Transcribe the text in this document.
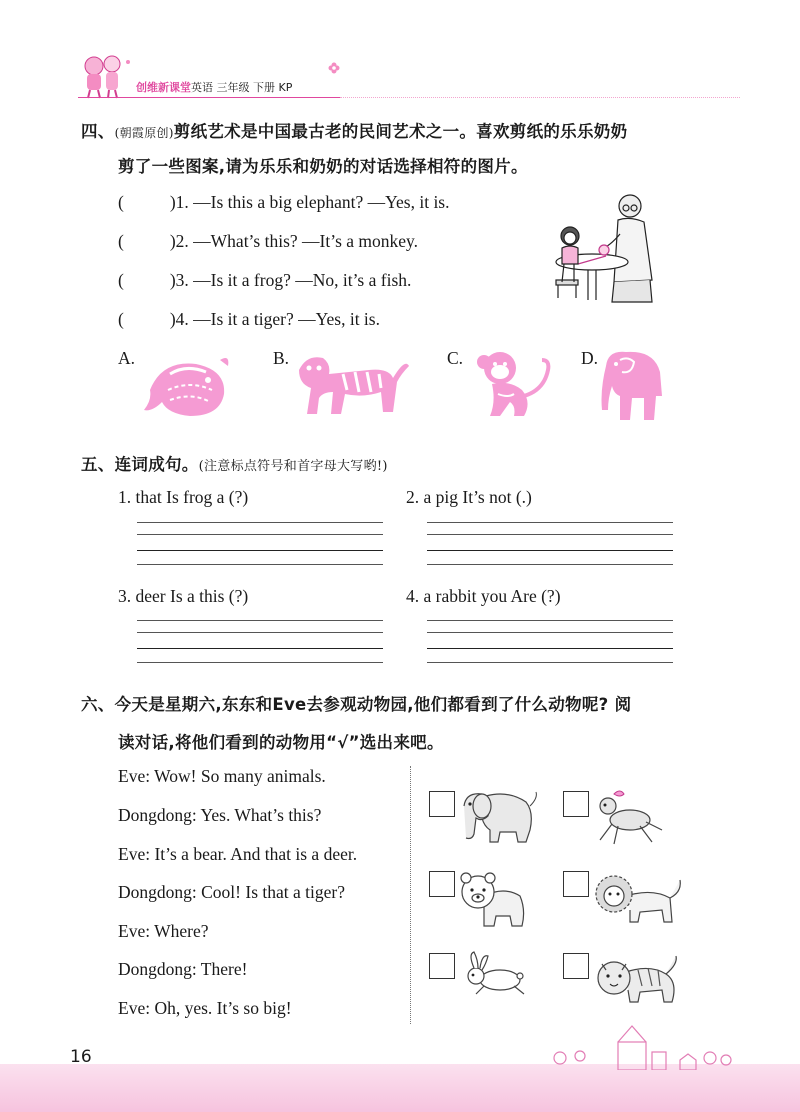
创维新课堂 英语 三年级 下册 KP
四、(朝霞原创)剪纸艺术是中国最古老的民间艺术之一。喜欢剪纸的乐乐奶奶
剪了一些图案,请为乐乐和奶奶的对话选择相符的图片。
(	)1. —Is this a big elephant? —Yes, it is.
(	)2. —What’s this? —It’s a monkey.
(	)3. —Is it a frog? —No, it’s a fish.
(	)4. —Is it a tiger? —Yes, it is.
A.	B.	C.	D.
五、连词成句。(注意标点符号和首字母大写哟!)
1. that Is frog a (?)	2. a pig It’s not (.)
3. deer Is a this (?)	4. a rabbit you Are (?)
六、今天是星期六,东东和Eve去参观动物园,他们都看到了什么动物呢? 阅
读对话,将他们看到的动物用“√”选出来吧。
Eve: Wow! So many animals.
Dongdong: Yes. What’s this?
Eve: It’s a bear. And that is a deer.
Dongdong: Cool! Is that a tiger?
Eve: Where?
Dongdong: There!
Eve: Oh, yes. It’s so big!
16
